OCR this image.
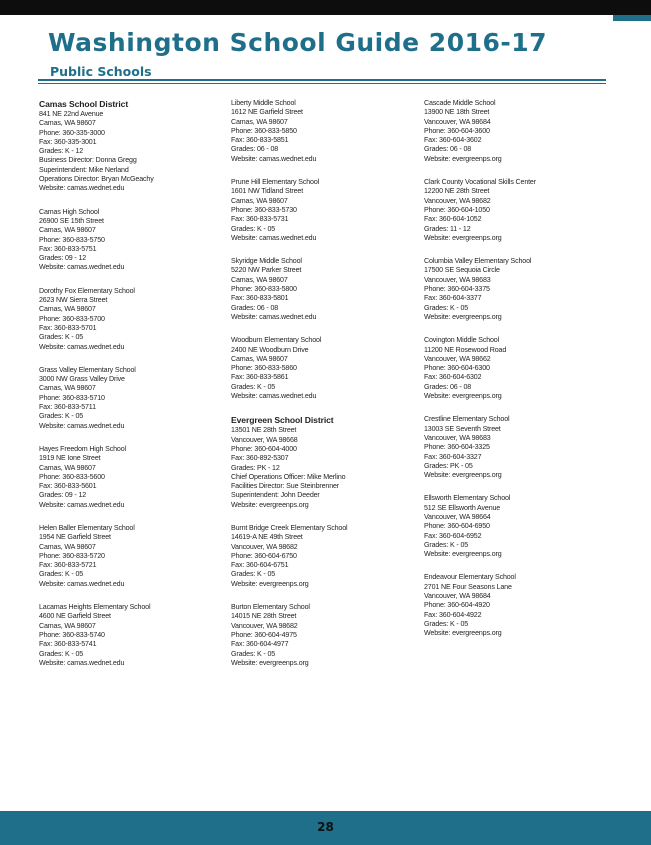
Washington School Guide 2016-17
Public Schools
Camas School District
841 NE 22nd Avenue
Camas, WA 98607
Phone: 360-335-3000
Fax: 360-335-3001
Grades: K - 12
Business Director: Donna Gregg
Superintendent: Mike Nerland
Operations Director: Bryan McGeachy
Website: camas.wednet.edu
Camas High School
26900 SE 15th Street
Camas, WA 98607
Phone: 360-833-5750
Fax: 360-833-5751
Grades: 09 - 12
Website: camas.wednet.edu
Dorothy Fox Elementary School
2623 NW Sierra Street
Camas, WA 98607
Phone: 360-833-5700
Fax: 360-833-5701
Grades: K - 05
Website: camas.wednet.edu
Grass Valley Elementary School
3000 NW Grass Valley Drive
Camas, WA 98607
Phone: 360-833-5710
Fax: 360-833-5711
Grades: K - 05
Website: camas.wednet.edu
Hayes Freedom High School
1919 NE Ione Street
Camas, WA 98607
Phone: 360-833-5600
Fax: 360-833-5601
Grades: 09 - 12
Website: camas.wednet.edu
Helen Baller Elementary School
1954 NE Garfield Street
Camas, WA 98607
Phone: 360-833-5720
Fax: 360-833-5721
Grades: K - 05
Website: camas.wednet.edu
Lacamas Heights Elementary School
4600 NE Garfield Street
Camas, WA 98607
Phone: 360-833-5740
Fax: 360-833-5741
Grades: K - 05
Website: camas.wednet.edu
Liberty Middle School
1612 NE Garfield Street
Camas, WA 98607
Phone: 360-833-5850
Fax: 360-833-5851
Grades: 06 - 08
Website: camas.wednet.edu
Prune Hill Elementary School
1601 NW Tidland Street
Camas, WA 98607
Phone: 360-833-5730
Fax: 360-833-5731
Grades: K - 05
Website: camas.wednet.edu
Skyridge Middle School
5220 NW Parker Street
Camas, WA 98607
Phone: 360-833-5800
Fax: 360-833-5801
Grades: 06 - 08
Website: camas.wednet.edu
Woodburn Elementary School
2400 NE Woodburn Drive
Camas, WA 98607
Phone: 360-833-5860
Fax: 360-833-5861
Grades: K - 05
Website: camas.wednet.edu
Evergreen School District
13501 NE 28th Street
Vancouver, WA 98668
Phone: 360-604-4000
Fax: 360-892-5307
Grades: PK - 12
Chief Operations Officer: Mike Merlino
Facilities Director: Sue Steinbrenner
Superintendent: John Deeder
Website: evergreenps.org
Burnt Bridge Creek Elementary School
14619-A NE 49th Street
Vancouver, WA 98682
Phone: 360-604-6750
Fax: 360-604-6751
Grades: K - 05
Website: evergreenps.org
Burton Elementary School
14015 NE 28th Street
Vancouver, WA 98682
Phone: 360-604-4975
Fax: 360-604-4977
Grades: K - 05
Website: evergreenps.org
Cascade Middle School
13900 NE 18th Street
Vancouver, WA 98684
Phone: 360-604-3600
Fax: 360-604-3602
Grades: 06 - 08
Website: evergreenps.org
Clark County Vocational Skills Center
12200 NE 28th Street
Vancouver, WA 98682
Phone: 360-604-1050
Fax: 360-604-1052
Grades: 11 - 12
Website: evergreenps.org
Columbia Valley Elementary School
17500 SE Sequoia Circle
Vancouver, WA 98683
Phone: 360-604-3375
Fax: 360-604-3377
Grades: K - 05
Website: evergreenps.org
Covington Middle School
11200 NE Rosewood Road
Vancouver, WA 98662
Phone: 360-604-6300
Fax: 360-604-6302
Grades: 06 - 08
Website: evergreenps.org
Crestline Elementary School
13003 SE Seventh Street
Vancouver, WA 98683
Phone: 360-604-3325
Fax: 360-604-3327
Grades: PK - 05
Website: evergreenps.org
Ellsworth Elementary School
512 SE Ellsworth Avenue
Vancouver, WA 98664
Phone: 360-604-6950
Fax: 360-604-6952
Grades: K - 05
Website: evergreenps.org
Endeavour Elementary School
2701 NE Four Seasons Lane
Vancouver, WA 98684
Phone: 360-604-4920
Fax: 360-604-4922
Grades: K - 05
Website: evergreenps.org
28
